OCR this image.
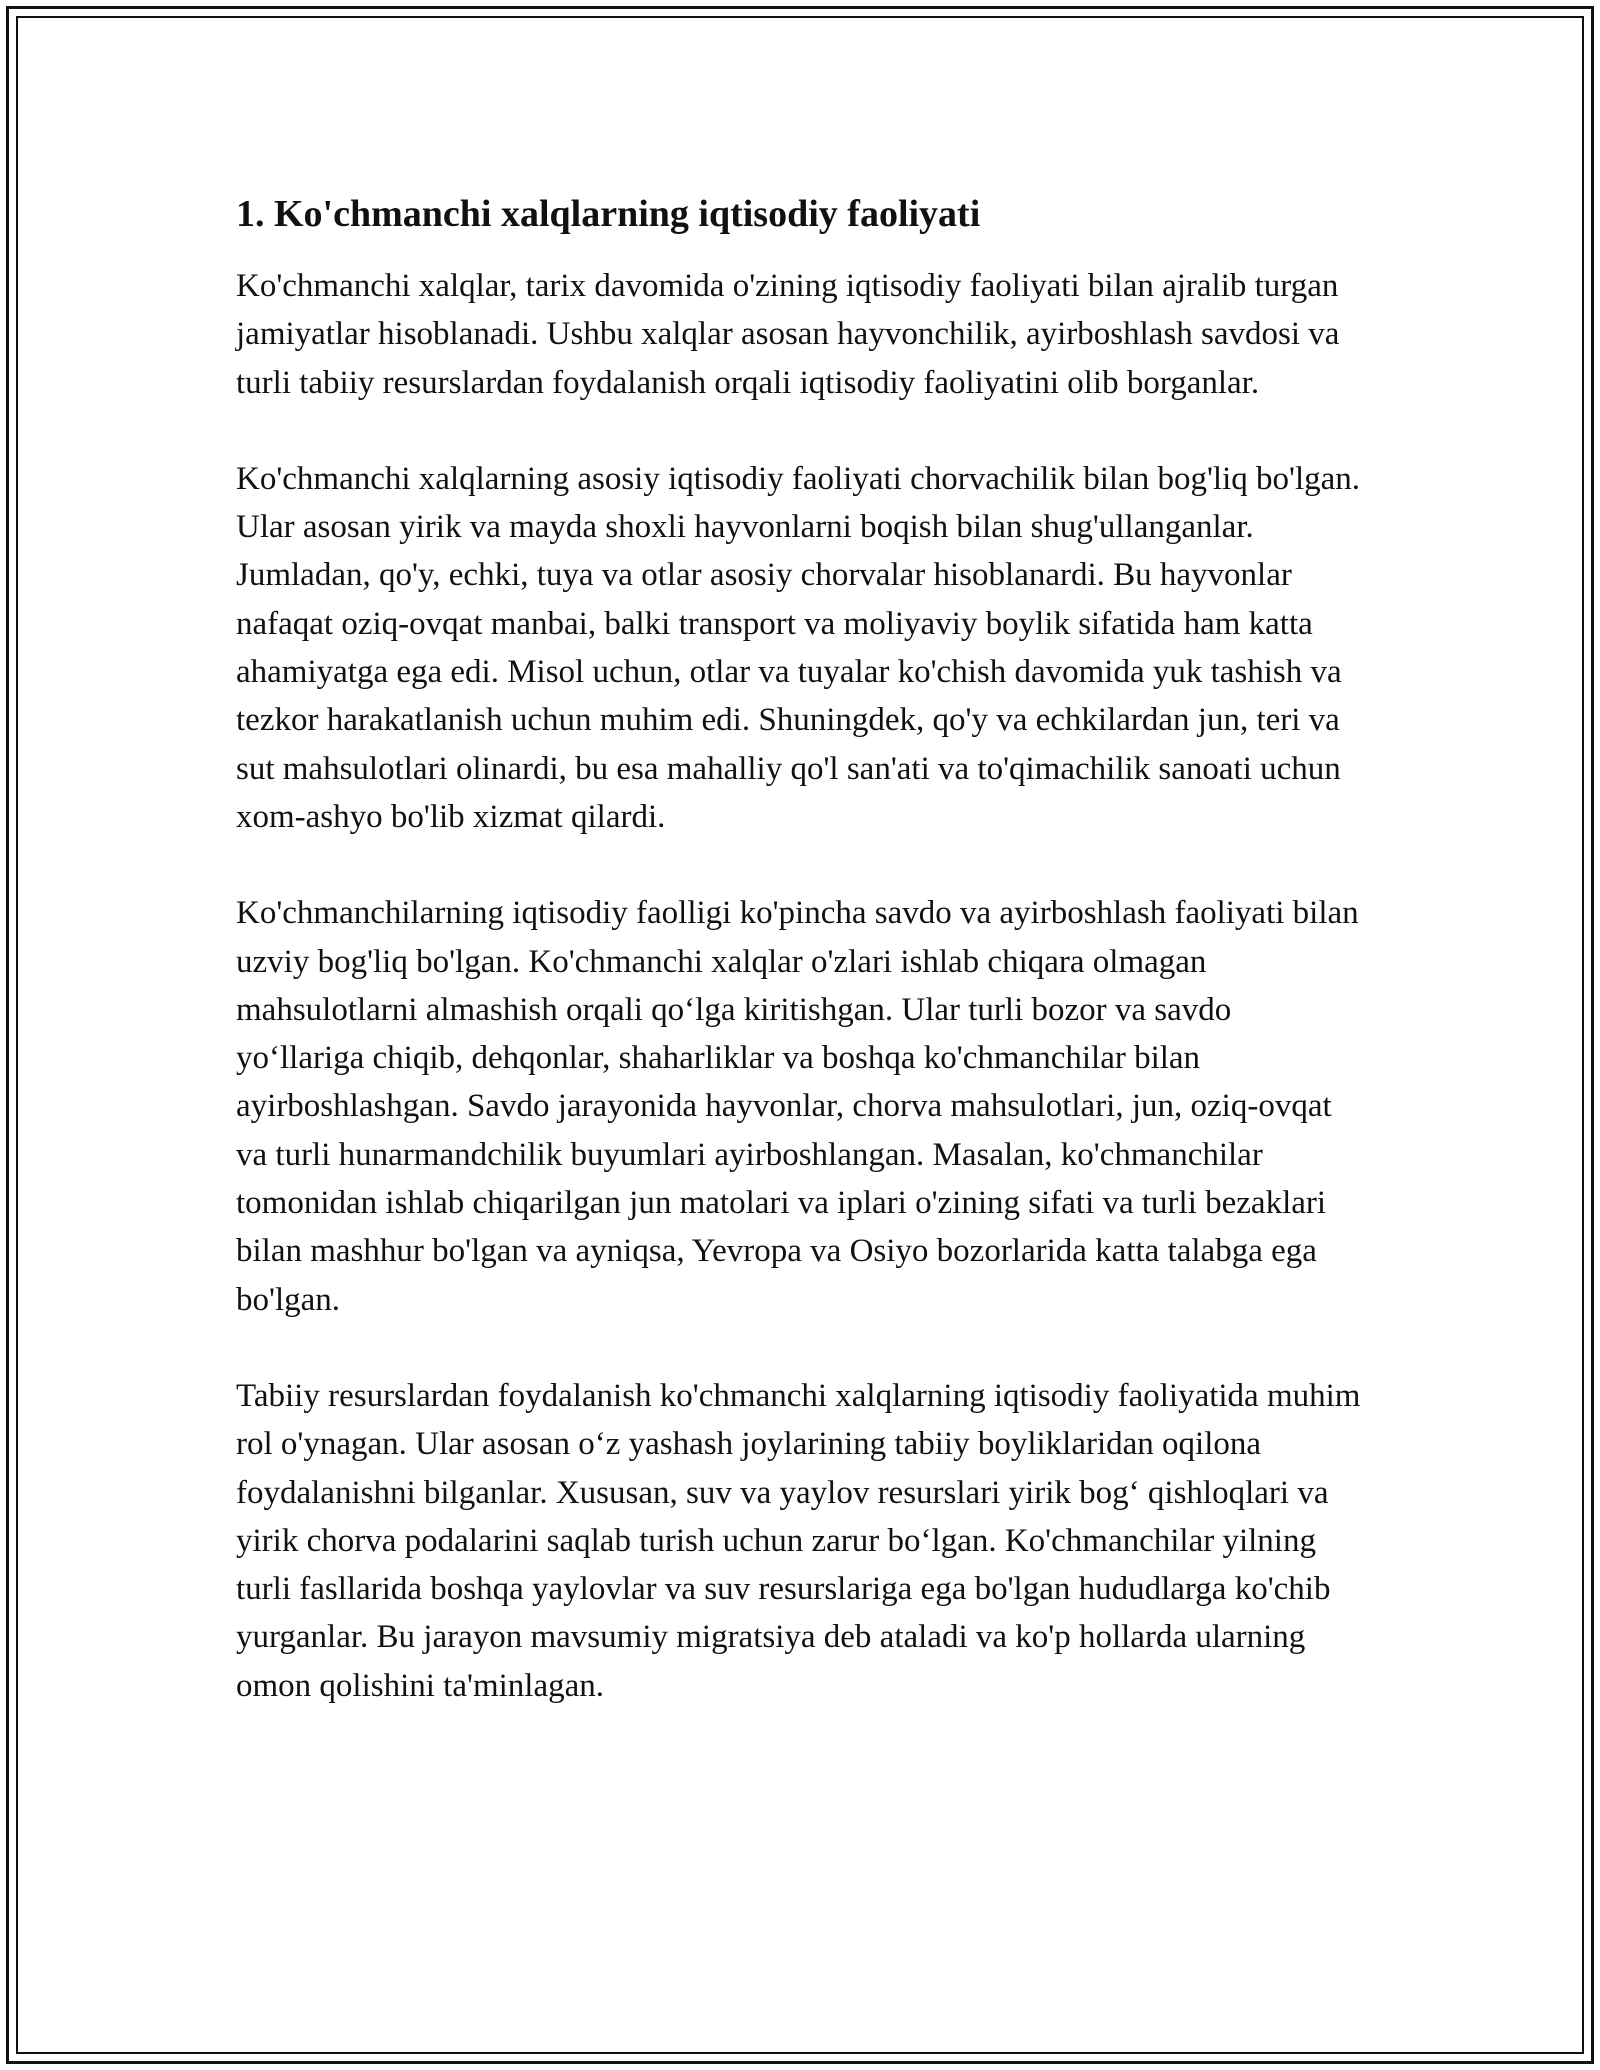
1. Ko'chmanchi xalqlarning iqtisodiy faoliyati

Ko'chmanchi xalqlar, tarix davomida o'zining iqtisodiy faoliyati bilan ajralib turgan jamiyatlar hisoblanadi. Ushbu xalqlar asosan hayvonchilik, ayirboshlash savdosi va turli tabiiy resurslardan foydalanish orqali iqtisodiy faoliyatini olib borganlar.

Ko'chmanchi xalqlarning asosiy iqtisodiy faoliyati chorvachilik bilan bog'liq bo'lgan. Ular asosan yirik va mayda shoxli hayvonlarni boqish bilan shug'ullanganlar. Jumladan, qo'y, echki, tuya va otlar asosiy chorvalar hisoblanardi. Bu hayvonlar nafaqat oziq-ovqat manbai, balki transport va moliyaviy boylik sifatida ham katta ahamiyatga ega edi. Misol uchun, otlar va tuyalar ko'chish davomida yuk tashish va tezkor harakatlanish uchun muhim edi. Shuningdek, qo'y va echkilardan jun, teri va sut mahsulotlari olinardi, bu esa mahalliy qo'l san'ati va to'qimachilik sanoati uchun xom-ashyo bo'lib xizmat qilardi.

Ko'chmanchilarning iqtisodiy faolligi ko'pincha savdo va ayirboshlash faoliyati bilan uzviy bog'liq bo'lgan. Ko'chmanchi xalqlar o'zlari ishlab chiqara olmagan mahsulotlarni almashish orqali qo‘lga kiritishgan. Ular turli bozor va savdo yo‘llariga chiqib, dehqonlar, shaharliklar va boshqa ko'chmanchilar bilan ayirboshlashgan. Savdo jarayonida hayvonlar, chorva mahsulotlari, jun, oziq-ovqat va turli hunarmandchilik buyumlari ayirboshlangan. Masalan, ko'chmanchilar tomonidan ishlab chiqarilgan jun matolari va iplari o'zining sifati va turli bezaklari bilan mashhur bo'lgan va ayniqsa, Yevropa va Osiyo bozorlarida katta talabga ega bo'lgan.

Tabiiy resurslardan foydalanish ko'chmanchi xalqlarning iqtisodiy faoliyatida muhim rol o'ynagan. Ular asosan o‘z yashash joylarining tabiiy boyliklaridan oqilona foydalanishni bilganlar. Xususan, suv va yaylov resurslari yirik bog‘ qishloqlari va yirik chorva podalarini saqlab turish uchun zarur bo‘lgan. Ko'chmanchilar yilning turli fasllarida boshqa yaylovlar va suv resurslariga ega bo'lgan hududlarga ko'chib yurganlar. Bu jarayon mavsumiy migratsiya deb ataladi va ko'p hollarda ularning omon qolishini ta'minlagan.
